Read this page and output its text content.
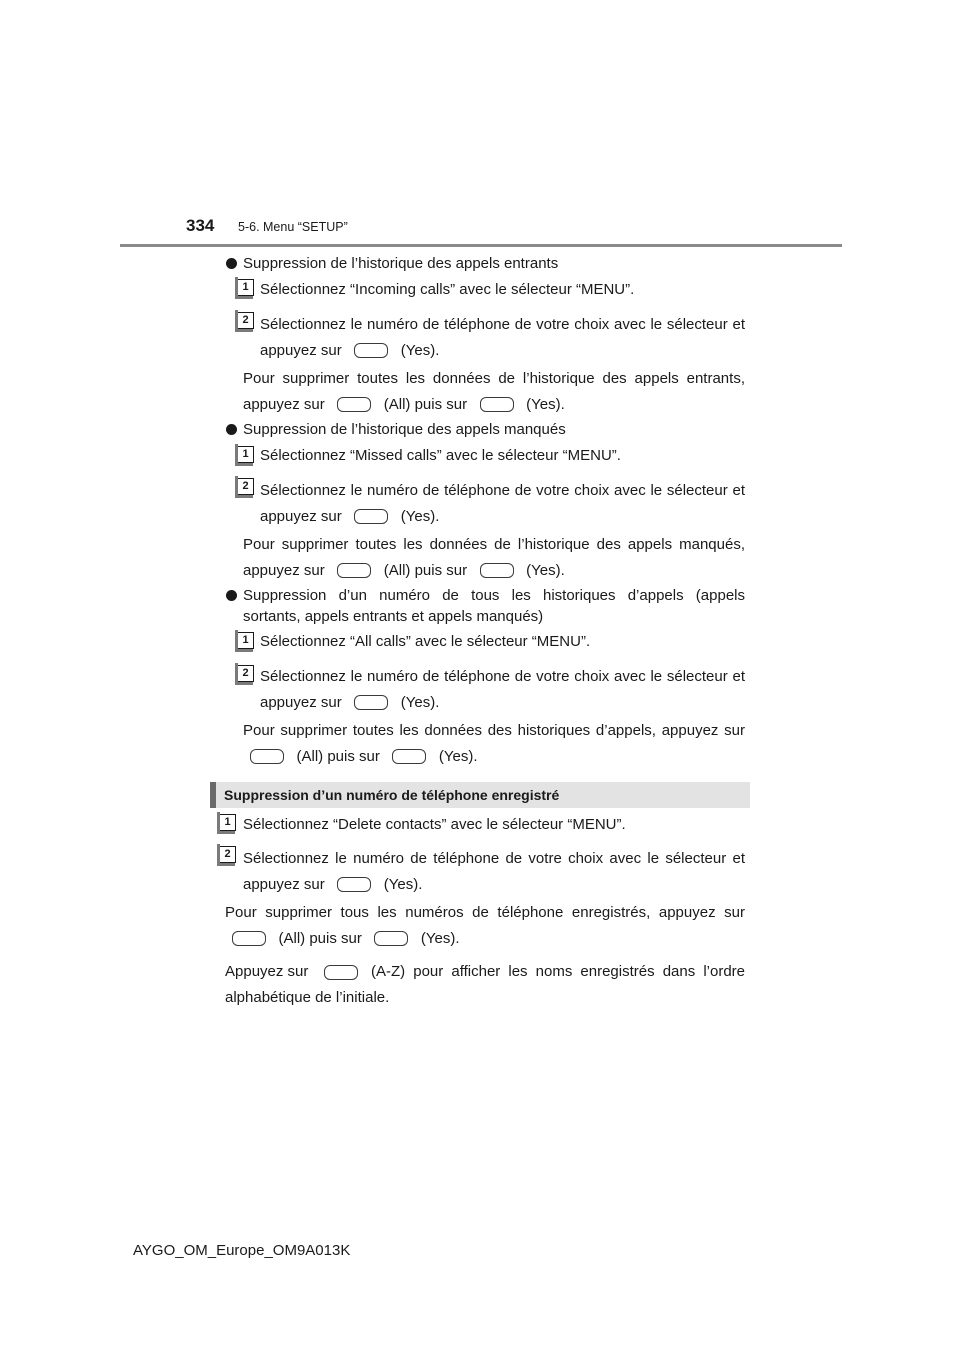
334 5-6. Menu “SETUP”
Suppression de l’historique des appels entrants
1 Sélectionnez “Incoming calls” avec le sélecteur “MENU”.
2 Sélectionnez le numéro de téléphone de votre choix avec le sélecteur et
appuyez sur	(Yes).
Pour supprimer toutes les données de l’historique des appels entrants,
appuyez sur	(All) puis sur	(Yes).
Suppression de l’historique des appels manqués
1 Sélectionnez “Missed calls” avec le sélecteur “MENU”.
2 Sélectionnez le numéro de téléphone de votre choix avec le sélecteur et
appuyez sur	(Yes).
Pour supprimer toutes les données de l’historique des appels manqués,
appuyez sur	(All) puis sur	(Yes).
Suppression d’un numéro de tous les historiques d’appels (appels
sortants, appels entrants et appels manqués)
1 Sélectionnez “All calls” avec le sélecteur “MENU”.
2 Sélectionnez le numéro de téléphone de votre choix avec le sélecteur et
appuyez sur	(Yes).
Pour supprimer toutes les données des historiques d’appels, appuyez sur
(All) puis sur	(Yes).
Suppression d’un numéro de téléphone enregistré
1 Sélectionnez “Delete contacts” avec le sélecteur “MENU”.
2 Sélectionnez le numéro de téléphone de votre choix avec le sélecteur et
appuyez sur	(Yes).
Pour supprimer tous les numéros de téléphone enregistrés, appuyez sur
(All) puis sur	(Yes).
Appuyez sur	(A-Z) pour afficher les noms enregistrés dans l’ordre
alphabétique de l’initiale.
AYGO_OM_Europe_OM9A013K
